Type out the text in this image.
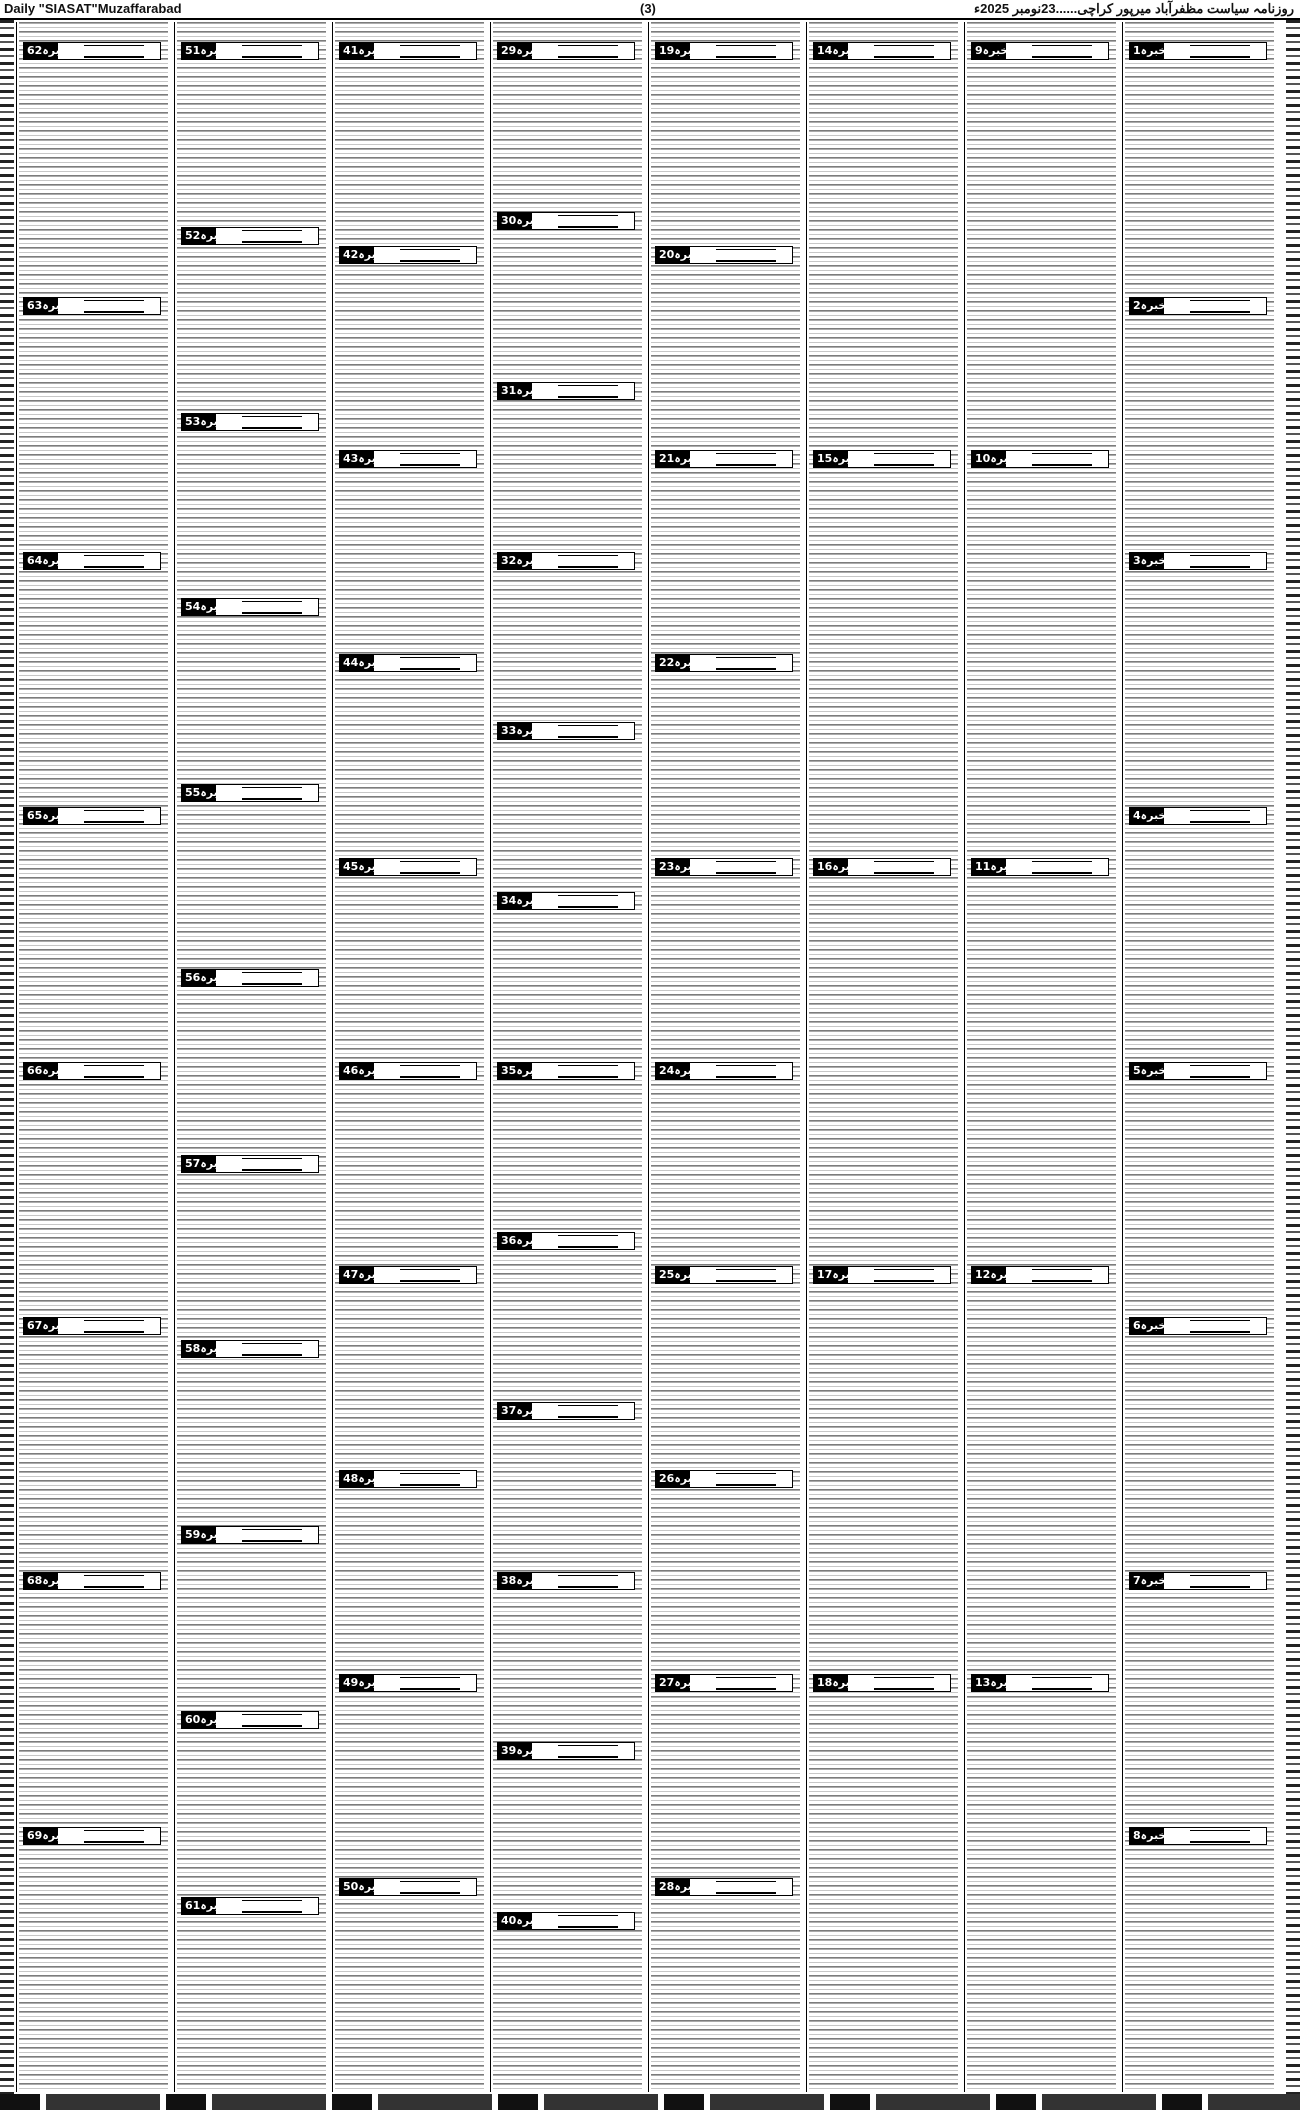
Daily "SIASAT"Muzaffarabad	(3)	روزنامہ سیاست مظفرآباد میرپور کراچی......23نومبر 2025ء
62خبرہ
63خبرہ
64خبرہ
65خبرہ
66خبرہ
67خبرہ
68خبرہ
69خبرہ
51خبرہ
52خبرہ
53خبرہ
54خبرہ
55خبرہ
56خبرہ
57خبرہ
58خبرہ
59خبرہ
60خبرہ
61خبرہ
41خبرہ
42خبرہ
43خبرہ
44خبرہ
45خبرہ
46خبرہ
47خبرہ
48خبرہ
49خبرہ
50خبرہ
29خبرہ
30خبرہ
31خبرہ
32خبرہ
33خبرہ
34خبرہ
35خبرہ
36خبرہ
37خبرہ
38خبرہ
39خبرہ
40خبرہ
19خبرہ
20خبرہ
21خبرہ
22خبرہ
23خبرہ
24خبرہ
25خبرہ
26خبرہ
27خبرہ
28خبرہ
14خبرہ
15خبرہ
16خبرہ
17خبرہ
18خبرہ
9خبرہ
10خبرہ
11خبرہ
12خبرہ
13خبرہ
1خبرہ
2خبرہ
3خبرہ
4خبرہ
5خبرہ
6خبرہ
7خبرہ
8خبرہ
